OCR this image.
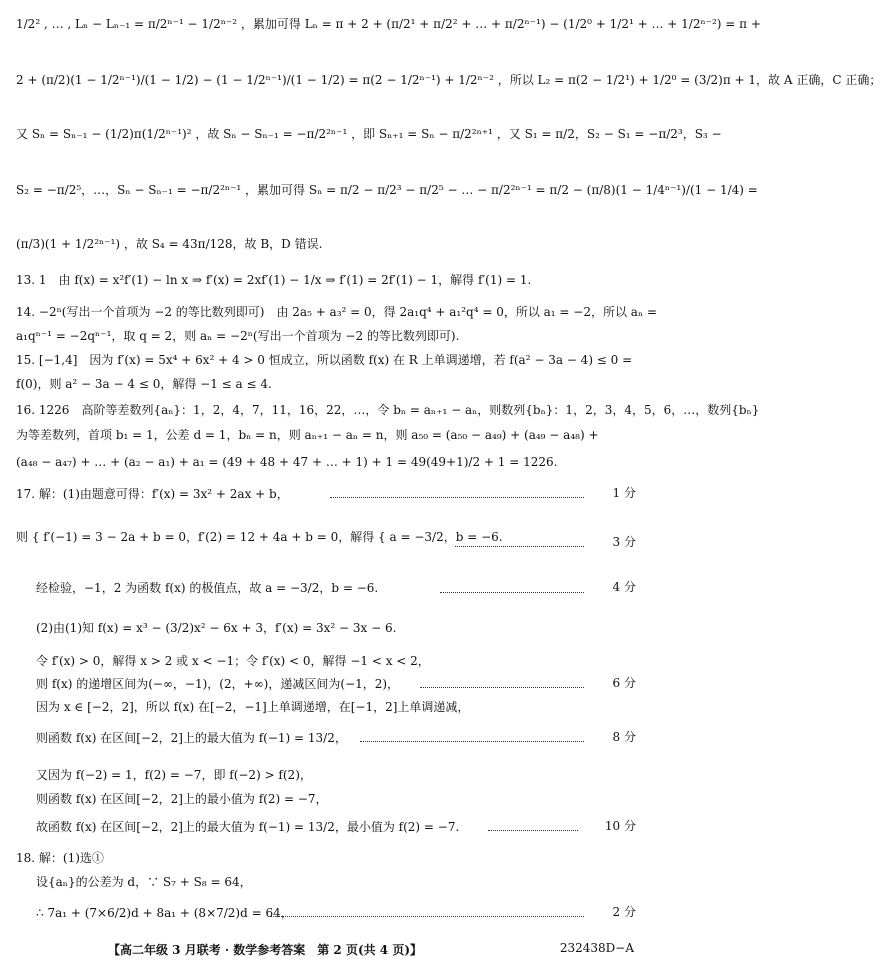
1/2² , … , Lₙ − Lₙ₋₁ = π/2ⁿ⁻¹ − 1/2ⁿ⁻² ，累加可得 Lₙ = π + 2 + (π/2¹ + π/2² + … + π/2ⁿ⁻¹) − (1/2⁰ + 1/2¹ + … + 1/2ⁿ⁻²) = π +
2 + (π/2)(1 − 1/2ⁿ⁻¹)/(1 − 1/2) − (1 − 1/2ⁿ⁻¹)/(1 − 1/2) = π(2 − 1/2ⁿ⁻¹) + 1/2ⁿ⁻² ，所以 L₂ = π(2 − 1/2¹) + 1/2⁰ = (3/2)π + 1，故 A 正确，C 正确；
又 Sₙ = Sₙ₋₁ − (1/2)π(1/2ⁿ⁻¹)² ，故 Sₙ − Sₙ₋₁ = −π/2²ⁿ⁻¹ ，即 Sₙ₊₁ = Sₙ − π/2²ⁿ⁺¹ ，又 S₁ = π/2，S₂ − S₁ = −π/2³，S₃ −
S₂ = −π/2⁵，…，Sₙ − Sₙ₋₁ = −π/2²ⁿ⁻¹ ，累加可得 Sₙ = π/2 − π/2³ − π/2⁵ − … − π/2²ⁿ⁻¹ = π/2 − (π/8)(1 − 1/4ⁿ⁻¹)/(1 − 1/4) =
(π/3)(1 + 1/2²ⁿ⁻¹) ，故 S₄ = 43π/128，故 B，D 错误.
13. 1　由 f(x) = x²f′(1) − ln x ⇒ f′(x) = 2xf′(1) − 1/x ⇒ f′(1) = 2f′(1) − 1，解得 f′(1) = 1.
14. −2ⁿ(写出一个首项为 −2 的等比数列即可)　由 2a₅ + a₃² = 0，得 2a₁q⁴ + a₁²q⁴ = 0，所以 a₁ = −2，所以 aₙ =
a₁qⁿ⁻¹ = −2qⁿ⁻¹，取 q = 2，则 aₙ = −2ⁿ(写出一个首项为 −2 的等比数列即可).
15. [−1,4]　因为 f′(x) = 5x⁴ + 6x² + 4 > 0 恒成立，所以函数 f(x) 在 R 上单调递增，若 f(a² − 3a − 4) ≤ 0 =
f(0)，则 a² − 3a − 4 ≤ 0，解得 −1 ≤ a ≤ 4.
16. 1226　高阶等差数列{aₙ}：1，2，4，7，11，16，22，…，令 bₙ = aₙ₊₁ − aₙ，则数列{bₙ}：1，2，3，4，5，6，…，数列{bₙ}
为等差数列，首项 b₁ = 1，公差 d = 1，bₙ = n，则 aₙ₊₁ − aₙ = n，则 a₅₀ = (a₅₀ − a₄₉) + (a₄₉ − a₄₈) +
(a₄₈ − a₄₇) + … + (a₂ − a₁) + a₁ = (49 + 48 + 47 + … + 1) + 1 = 49(49+1)/2 + 1 = 1226.
17. 解：(1)由题意可得：f′(x) = 3x² + 2ax + b，	1 分
则 { f′(−1) = 3 − 2a + b = 0，f′(2) = 12 + 4a + b = 0，解得 { a = −3/2，b = −6.	3 分
经检验，−1，2 为函数 f(x) 的极值点，故 a = −3/2，b = −6.	4 分
(2)由(1)知 f(x) = x³ − (3/2)x² − 6x + 3，f′(x) = 3x² − 3x − 6.
令 f′(x) > 0，解得 x > 2 或 x < −1；令 f′(x) < 0，解得 −1 < x < 2，
则 f(x) 的递增区间为(−∞，−1)，(2，+∞)，递减区间为(−1，2)，	6 分
因为 x ∈ [−2，2]，所以 f(x) 在[−2，−1]上单调递增，在[−1，2]上单调递减，
则函数 f(x) 在区间[−2，2]上的最大值为 f(−1) = 13/2，	8 分
又因为 f(−2) = 1，f(2) = −7，即 f(−2) > f(2)，
则函数 f(x) 在区间[−2，2]上的最小值为 f(2) = −7，
故函数 f(x) 在区间[−2，2]上的最大值为 f(−1) = 13/2，最小值为 f(2) = −7.	10 分
18. 解：(1)选①
设{aₙ}的公差为 d，∵ S₇ + S₈ = 64，
∴ 7a₁ + (7×6/2)d + 8a₁ + (8×7/2)d = 64，	2 分
【高二年级 3 月联考 · 数学参考答案　第 2 页(共 4 页)】	232438D−A
